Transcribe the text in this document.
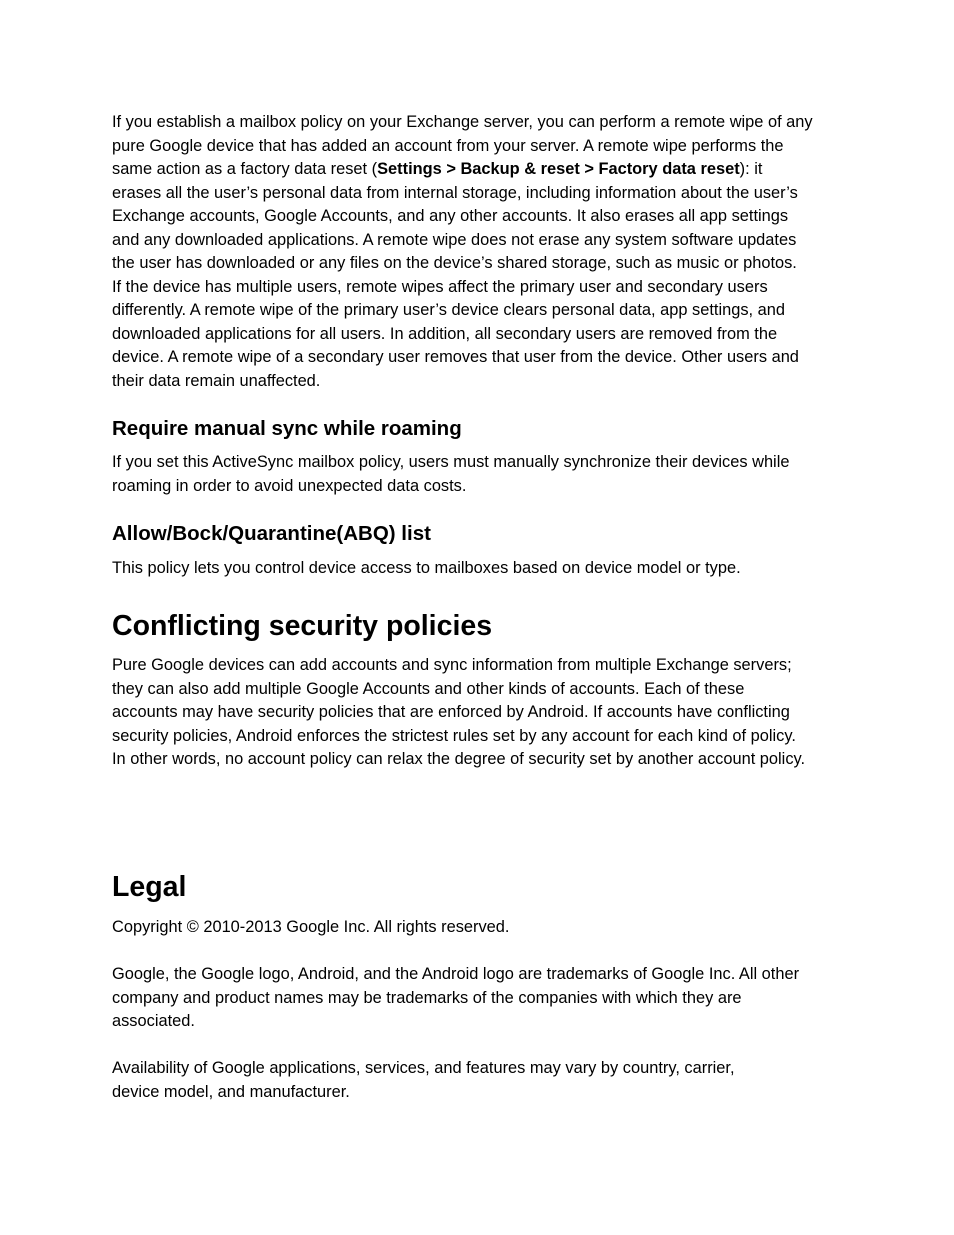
If you establish a mailbox policy on your Exchange server, you can perform a remote wipe of any

pure Google device that has added an account from your server. A remote wipe performs the

same action as a factory data reset (Settings > Backup & reset > Factory data reset): it

erases all the user’s personal data from internal storage, including information about the user’s

Exchange accounts, Google Accounts, and any other accounts. It also erases all app settings

and any downloaded applications. A remote wipe does not erase any system software updates

the user has downloaded or any files on the device’s shared storage, such as music or photos.

If the device has multiple users, remote wipes affect the primary user and secondary users

differently. A remote wipe of the primary user’s device clears personal data, app settings, and

downloaded applications for all users. In addition, all secondary users are removed from the

device. A remote wipe of a secondary user removes that user from the device. Other users and

their data remain unaffected.

Require manual sync while roaming

If you set this ActiveSync mailbox policy, users must manually synchronize their devices while

roaming in order to avoid unexpected data costs.

Allow/Bock/Quarantine(ABQ) list

This policy lets you control device access to mailboxes based on device model or type.

Conflicting security policies

Pure Google devices can add accounts and sync information from multiple Exchange servers;

they can also add multiple Google Accounts and other kinds of accounts. Each of these

accounts may have security policies that are enforced by Android. If accounts have conflicting

security policies, Android enforces the strictest rules set by any account for each kind of policy.

In other words, no account policy can relax the degree of security set by another account policy.

Legal

Copyright © 2010-2013 Google Inc. All rights reserved.

Google, the Google logo, Android, and the Android logo are trademarks of Google Inc. All other

company and product names may be trademarks of the companies with which they are

associated.

Availability of Google applications, services, and features may vary by country, carrier,

device model, and manufacturer.
